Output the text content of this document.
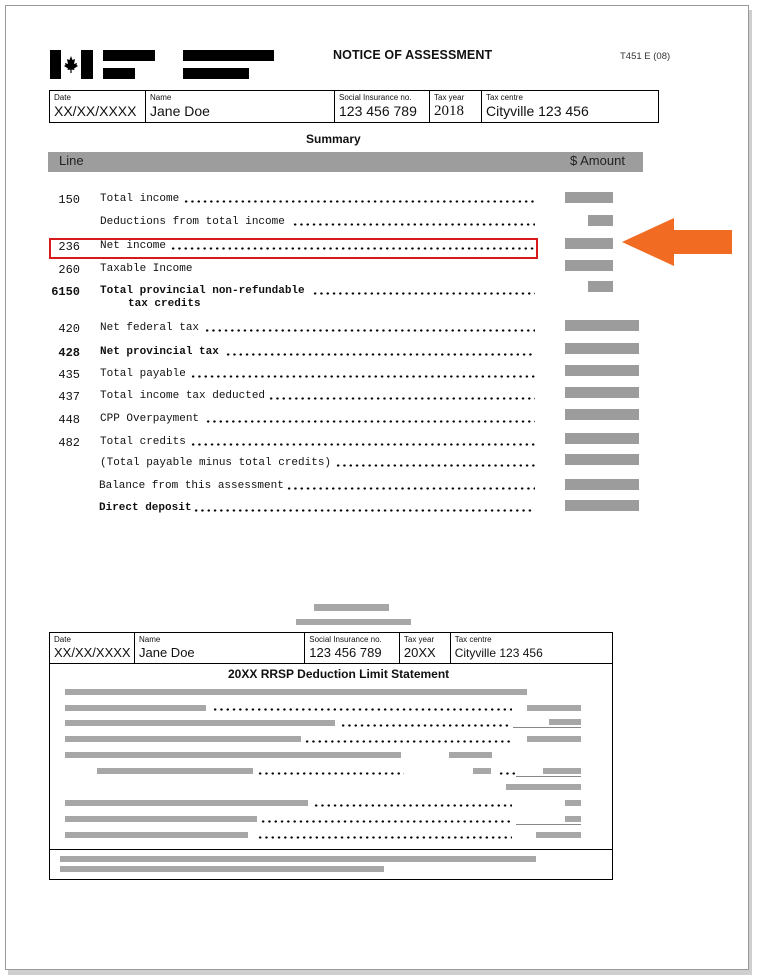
NOTICE OF ASSESSMENT	T451 E (08)
Date
XX/XX/XXXX
Name
Jane Doe
Social Insurance no.
123 456 789
Tax year
2018
Tax centre
Cityville 123 456
Summary
Line	$ Amount
150 Total income
Deductions from total income
236 Net income
260 Taxable Income
6150 Total provincial non-refundable
tax credits
420 Net federal tax
428 Net provincial tax
435 Total payable
437 Total income tax deducted
448 CPP Overpayment
482 Total credits
(Total payable minus total credits)
Balance from this assessment
Direct deposit
Date
XX/XX/XXXX
Name
Jane Doe
Social Insurance no.
123 456 789
Tax year
20XX
Tax centre
Cityville 123 456
20XX RRSP Deduction Limit Statement
